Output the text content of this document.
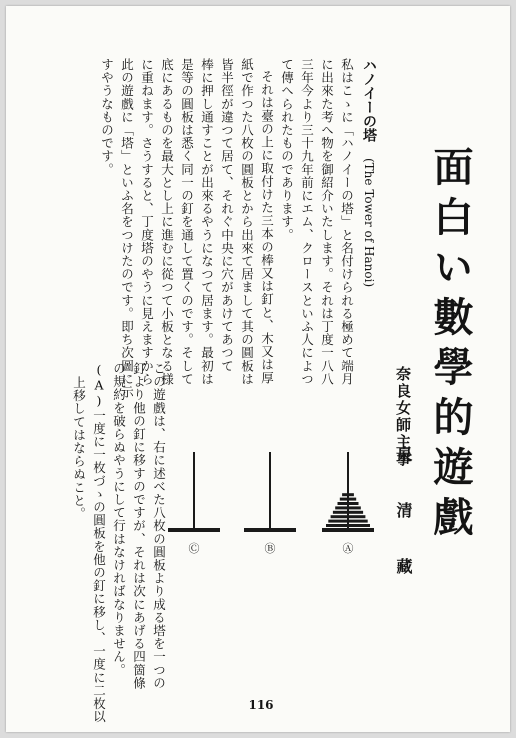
面白い數學的遊戲
奈良女師主事
泉清藏
ハノイーの塔 (The Tower of Hanoi)
私はこゝに「ハノイーの塔」と名付けられる極めて端月
に出來た考へ物を御紹介いたします。それは丁度一八八
三年今より三十九年前にエム、クロースといふ人によつ
て傳へられたものであります。
それは臺の上に取付けた三本の棒又は釘と、木又は厚
紙で作つた八枚の圓板とから出來て居まして其の圓板は
皆半徑が違つて居て、それぐ中央に穴があけてあつて
棒に押し通すことが出來るやうになつて居ます。最初は
是等の圓板は悉く同一の釘を通して置くのです。そして
底にあるものを最大とし上に進むに從つて小板となる様
に重ねます。さうすると、丁度塔のやうに見えますから
此の遊戲に「塔」といふ名をつけたのです。即ち次圖に示
すやうなものです。
この遊戲は、右に述べた八枚の圓板より成る塔を一つの
釘より他の釘に移すのですが、それは次にあげる四箇條
の規約を破らぬやうにして行はなければなりません。
(A)一度に一枚づゝの圓板を他の釘に移し、一度に二枚以
上移してはならぬこと。
Ⓐ
Ⓑ
Ⓒ
116
